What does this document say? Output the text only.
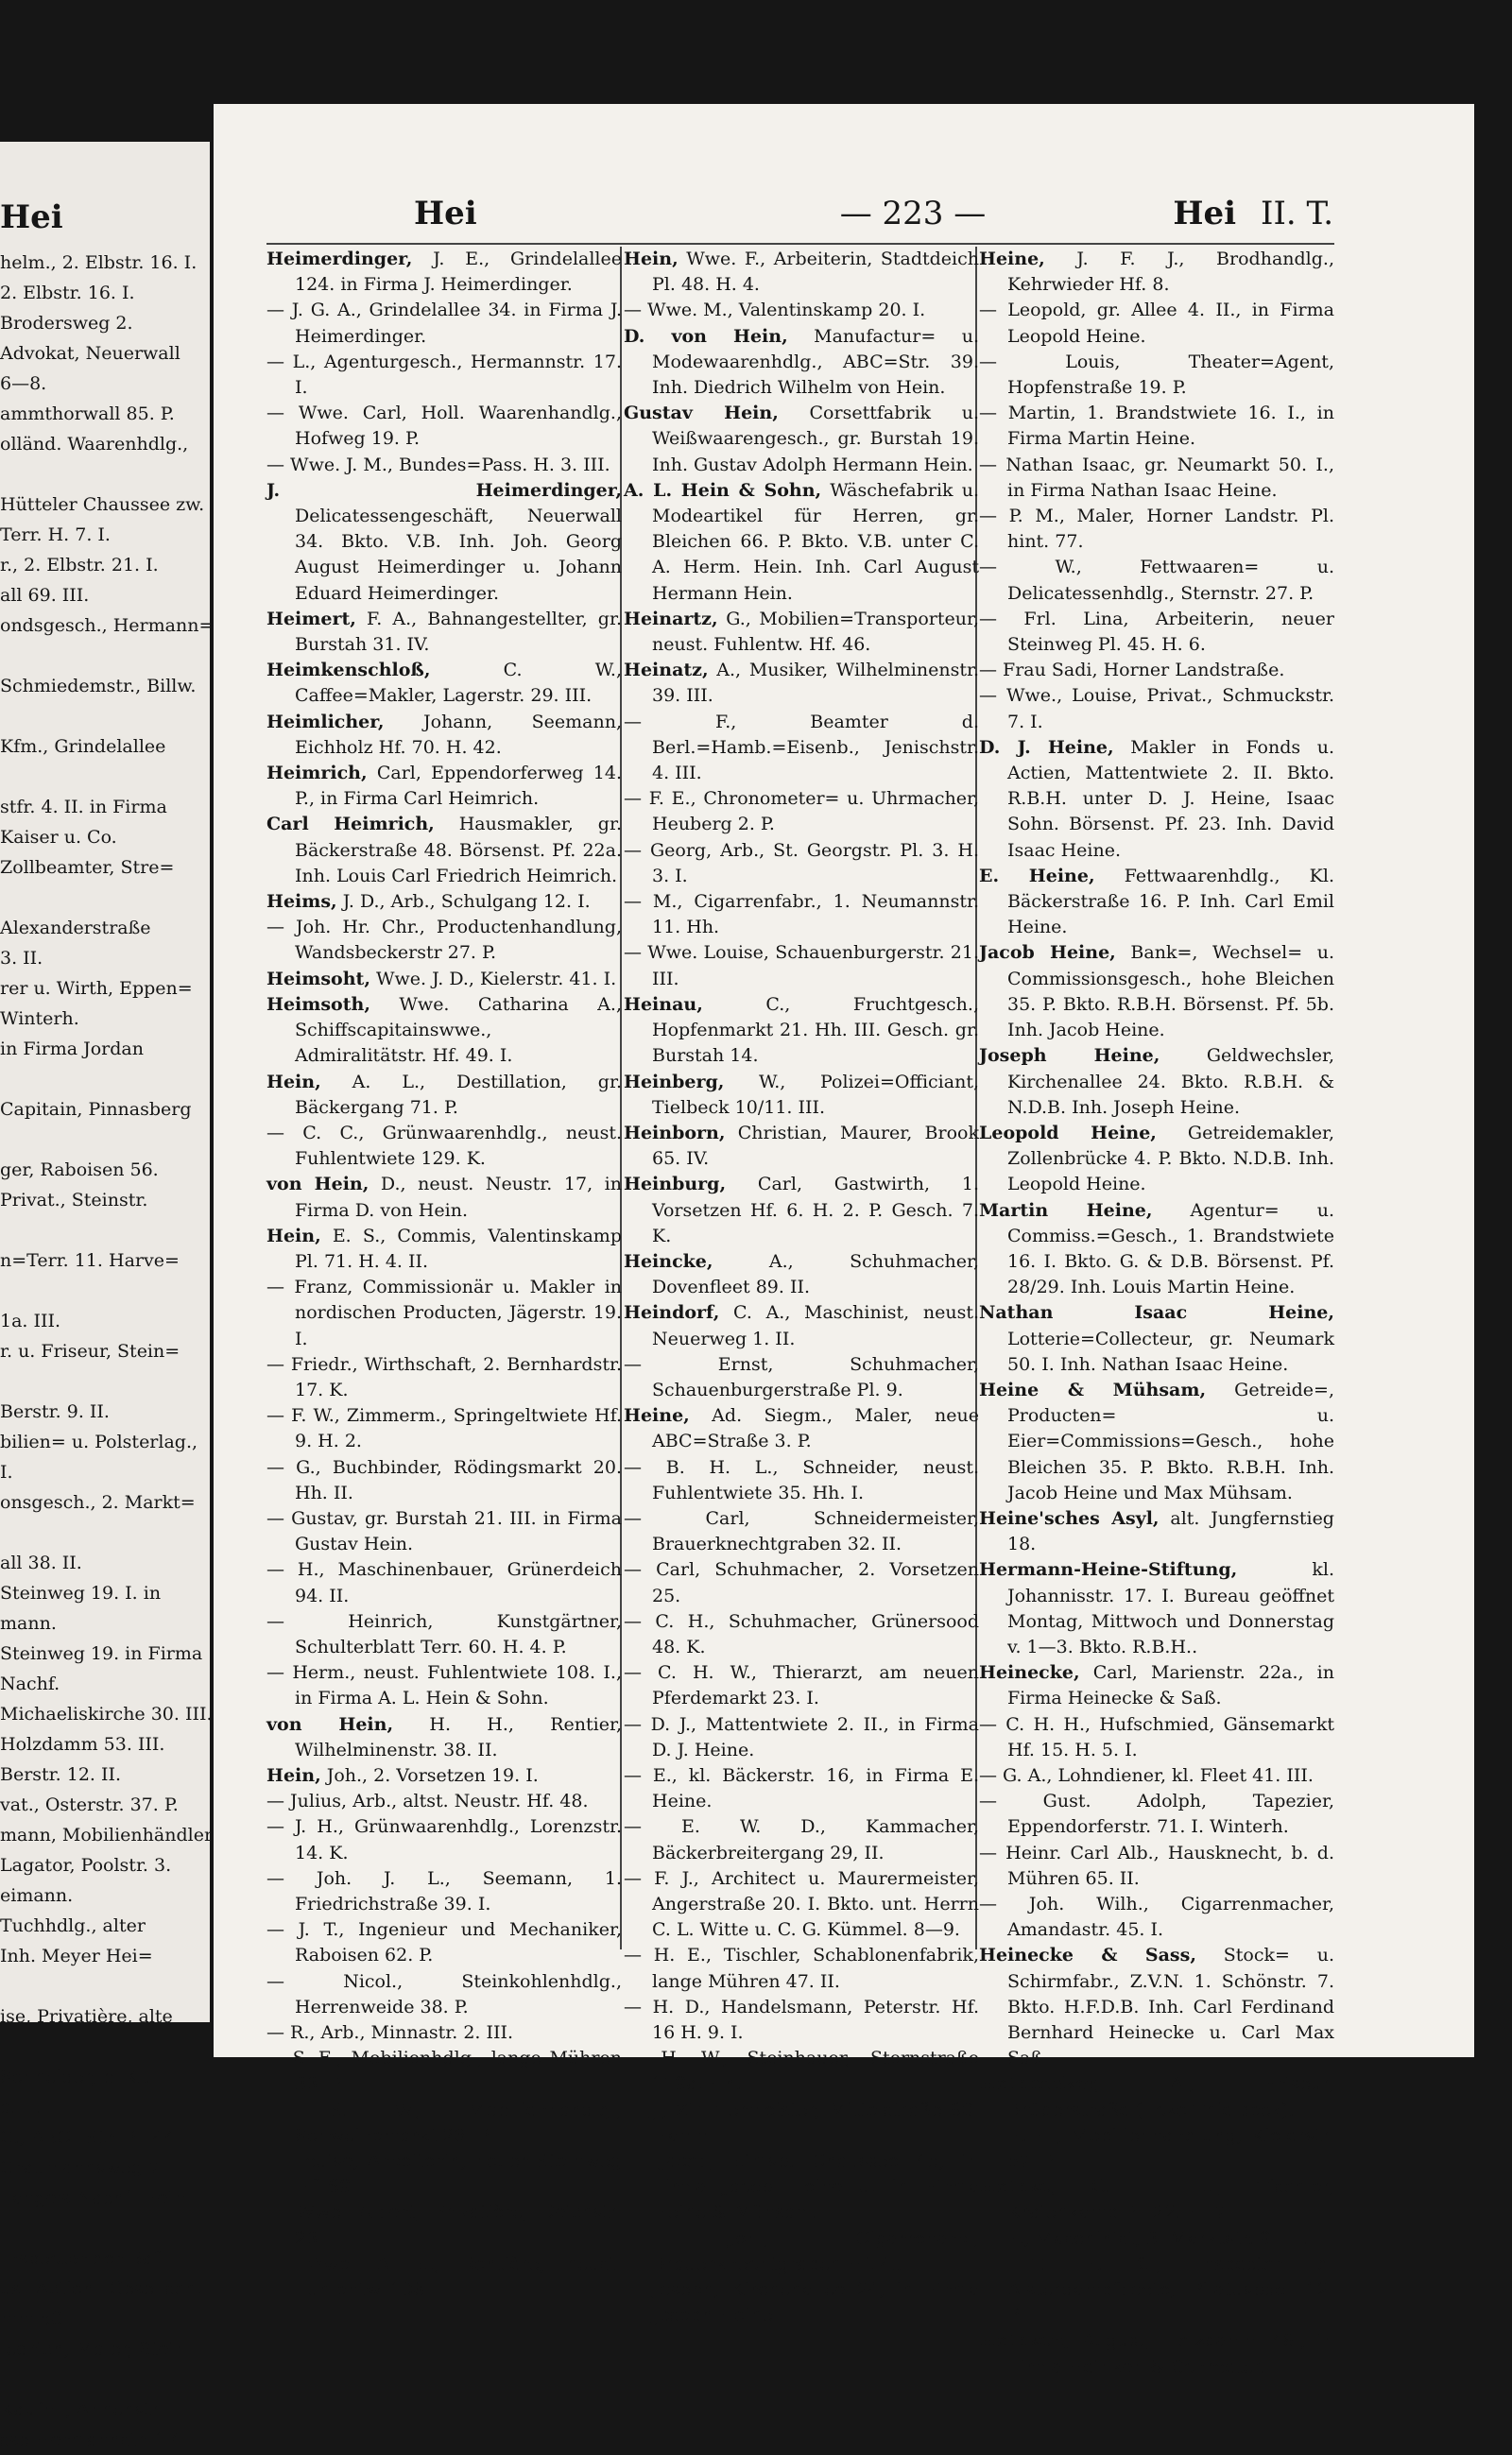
Hei
helm., 2. Elbstr. 16. I.
2. Elbstr. 16. I.
Brodersweg 2.
Advokat, Neuerwall
6—8.
ammthorwall 85. P.
olländ. Waarenhdlg.,
Hütteler Chaussee zw.
Terr. H. 7. I.
r., 2. Elbstr. 21. I.
all 69. III.
ondsgesch., Hermann=
Schmiedemstr., Billw.
Kfm., Grindelallee
stfr. 4. II. in Firma
Kaiser u. Co.
Zollbeamter, Stre=
Alexanderstraße
3. II.
rer u. Wirth, Eppen=
Winterh.
in Firma Jordan
Capitain, Pinnasberg
ger, Raboisen 56.
Privat., Steinstr.
n=Terr. 11. Harve=
1a. III.
r. u. Friseur, Stein=
Berstr. 9. II.
bilien= u. Polsterlag.,
I.
onsgesch., 2. Markt=
all 38. II.
Steinweg 19. I. in
mann.
Steinweg 19. in Firma
Nachf.
Michaeliskirche 30. III.
Holzdamm 53. III.
Berstr. 12. II.
vat., Osterstr. 37. P.
mann, Mobilienhändler
Lagator, Poolstr. 3.
eimann.
Tuchhdlg., alter
Inh. Meyer Hei=
ise, Privatière, alte
Schneider, b. Kl.
a. II.
G., ABC=Str. Pl. 44.
Graumannsweg 7.
Lange's Nachf. Heim=
Inspector der Baf=
us=Actien=Gesellsch.
mm 50. I.
iedrich, Maler, Stein=
Kaufm., Annenstr.
sse Hermannstr. 17. I
Hei	— 223 —	Hei II. T.

Heimerdinger, J. E., Grindelallee 124. in Firma J. Heimerdinger.

— J. G. A., Grindelallee 34. in Firma J. Heimerdinger.

— L., Agenturgesch., Hermannstr. 17. I.

— Wwe. Carl, Holl. Waarenhandlg., Hofweg 19. P.

— Wwe. J. M., Bundes=Pass. H. 3. III.

J. Heimerdinger, Delicatessengeschäft, Neuerwall 34. Bkto. V.B. Inh. Joh. Georg August Heimerdinger u. Johann Eduard Heimerdinger.

Heimert, F. A., Bahnangestellter, gr. Burstah 31. IV.

Heimkenschloß, C. W., Caffee=Makler, Lagerstr. 29. III.

Heimlicher, Johann, Seemann, Eichholz Hf. 70. H. 42.

Heimrich, Carl, Eppendorferweg 14. P., in Firma Carl Heimrich.

Carl Heimrich, Hausmakler, gr. Bäckerstraße 48. Börsenst. Pf. 22a. Inh. Louis Carl Friedrich Heimrich.

Heims, J. D., Arb., Schulgang 12. I.

— Joh. Hr. Chr., Productenhandlung, Wandsbeckerstr 27. P.

Heimsoht, Wwe. J. D., Kielerstr. 41. I.

Heimsoth, Wwe. Catharina A., Schiffscapitainswwe., Admiralitätstr. Hf. 49. I.

Hein, A. L., Destillation, gr. Bäckergang 71. P.

— C. C., Grünwaarenhdlg., neust. Fuhlentwiete 129. K.

von Hein, D., neust. Neustr. 17, in Firma D. von Hein.

Hein, E. S., Commis, Valentinskamp Pl. 71. H. 4. II.

— Franz, Commissionär u. Makler in nordischen Producten, Jägerstr. 19. I.

— Friedr., Wirthschaft, 2. Bernhardstr. 17. K.

— F. W., Zimmerm., Springeltwiete Hf. 9. H. 2.

— G., Buchbinder, Rödingsmarkt 20. Hh. II.

— Gustav, gr. Burstah 21. III. in Firma Gustav Hein.

— H., Maschinenbauer, Grünerdeich 94. II.

— Heinrich, Kunstgärtner, Schulterblatt Terr. 60. H. 4. P.

— Herm., neust. Fuhlentwiete 108. I., in Firma A. L. Hein & Sohn.

von Hein, H. H., Rentier, Wilhelminenstr. 38. II.

Hein, Joh., 2. Vorsetzen 19. I.

— Julius, Arb., altst. Neustr. Hf. 48.

— J. H., Grünwaarenhdlg., Lorenzstr. 14. K.

— Joh. J. L., Seemann, 1. Friedrichstraße 39. I.

— J. T., Ingenieur und Mechaniker, Raboisen 62. P.

— Nicol., Steinkohlenhdlg., Herrenweide 38. P.

— R., Arb., Minnastr. 2. III.

— S. E., Mobilienhdlg., lange Mühren 33. P.

— S. W., Mobilienhandlg., Schweinemarkt 26. P.

— Louise, Arbeiterin, neuer Steinweg Hf. 69.

— Wwe. Albert, Privatière, Deichstr. 23. III.

— Wwe. A. E., Rentière, neust. Fuhlentw. 108. I.

Hein, Wwe. F., Arbeiterin, Stadtdeich Pl. 48. H. 4.

— Wwe. M., Valentinskamp 20. I.

D. von Hein, Manufactur= u. Modewaarenhdlg., ABC=Str. 39. Inh. Diedrich Wilhelm von Hein.

Gustav Hein, Corsettfabrik u. Weißwaarengesch., gr. Burstah 19. Inh. Gustav Adolph Hermann Hein.

A. L. Hein & Sohn, Wäschefabrik u. Modeartikel für Herren, gr. Bleichen 66. P. Bkto. V.B. unter C. A. Herm. Hein. Inh. Carl August Hermann Hein.

Heinartz, G., Mobilien=Transporteur, neust. Fuhlentw. Hf. 46.

Heinatz, A., Musiker, Wilhelminenstr. 39. III.

— F., Beamter d. Berl.=Hamb.=Eisenb., Jenischstr. 4. III.

— F. E., Chronometer= u. Uhrmacher, Heuberg 2. P.

— Georg, Arb., St. Georgstr. Pl. 3. H. 3. I.

— M., Cigarrenfabr., 1. Neumannstr. 11. Hh.

— Wwe. Louise, Schauenburgerstr. 21. III.

Heinau, C., Fruchtgesch., Hopfenmarkt 21. Hh. III. Gesch. gr. Burstah 14.

Heinberg, W., Polizei=Officiant, Tielbeck 10/11. III.

Heinborn, Christian, Maurer, Brook 65. IV.

Heinburg, Carl, Gastwirth, 1. Vorsetzen Hf. 6. H. 2. P. Gesch. 7. K.

Heincke, A., Schuhmacher, Dovenfleet 89. II.

Heindorf, C. A., Maschinist, neust. Neuerweg 1. II.

— Ernst, Schuhmacher, Schauenburgerstraße Pl. 9.

Heine, Ad. Siegm., Maler, neue ABC=Straße 3. P.

— B. H. L., Schneider, neust. Fuhlentwiete 35. Hh. I.

— Carl, Schneidermeister, Brauerknechtgraben 32. II.

— Carl, Schuhmacher, 2. Vorsetzen 25.

— C. H., Schuhmacher, Grünersood 48. K.

— C. H. W., Thierarzt, am neuen Pferdemarkt 23. I.

— D. J., Mattentwiete 2. II., in Firma D. J. Heine.

— E., kl. Bäckerstr. 16, in Firma E. Heine.

— E. W. D., Kammacher, Bäckerbreitergang 29, II.

— F. J., Architect u. Maurermeister, Angerstraße 20. I. Bkto. unt. Herrn C. L. Witte u. C. G. Kümmel. 8—9.

— H. E., Tischler, Schablonenfabrik, lange Mühren 47. II.

— H. D., Handelsmann, Peterstr. Hf. 16 H. 9. I.

— H. W., Steinhauer, Sternstraße 119a. Hh. I.

— J., Zimmermeister, Mittelstraße 90. Hamm.

— Jacob, Eimsb. Chaussee 45, in Firma Jacob Heine u. in Firma Heine & Mühsam.

— Joh., Cigarrenarb., Brauerknechtgraben Hf. 45.

— Joseph, Kirchenallee 24, in Firma Joseph Heine.

Heine, J. F. J., Brodhandlg., Kehrwieder Hf. 8.

— Leopold, gr. Allee 4. II., in Firma Leopold Heine.

— Louis, Theater=Agent, Hopfenstraße 19. P.

— Martin, 1. Brandstwiete 16. I., in Firma Martin Heine.

— Nathan Isaac, gr. Neumarkt 50. I., in Firma Nathan Isaac Heine.

— P. M., Maler, Horner Landstr. Pl. hint. 77.

— W., Fettwaaren= u. Delicatessenhdlg., Sternstr. 27. P.

— Frl. Lina, Arbeiterin, neuer Steinweg Pl. 45. H. 6.

— Frau Sadi, Horner Landstraße.

— Wwe., Louise, Privat., Schmuckstr. 7. I.

D. J. Heine, Makler in Fonds u. Actien, Mattentwiete 2. II. Bkto. R.B.H. unter D. J. Heine, Isaac Sohn. Börsenst. Pf. 23. Inh. David Isaac Heine.

E. Heine, Fettwaarenhdlg., Kl. Bäckerstraße 16. P. Inh. Carl Emil Heine.

Jacob Heine, Bank=, Wechsel= u. Commissionsgesch., hohe Bleichen 35. P. Bkto. R.B.H. Börsenst. Pf. 5b. Inh. Jacob Heine.

Joseph Heine, Geldwechsler, Kirchenallee 24. Bkto. R.B.H. & N.D.B. Inh. Joseph Heine.

Leopold Heine, Getreidemakler, Zollenbrücke 4. P. Bkto. N.D.B. Inh. Leopold Heine.

Martin Heine, Agentur= u. Commiss.=Gesch., 1. Brandstwiete 16. I. Bkto. G. & D.B. Börsenst. Pf. 28/29. Inh. Louis Martin Heine.

Nathan Isaac Heine, Lotterie=Collecteur, gr. Neumark 50. I. Inh. Nathan Isaac Heine.

Heine & Mühsam, Getreide=, Producten= u. Eier=Commissions=Gesch., hohe Bleichen 35. P. Bkto. R.B.H. Inh. Jacob Heine und Max Mühsam.

Heine'sches Asyl, alt. Jungfernstieg 18.

Hermann-Heine-Stiftung, kl. Johannisstr. 17. I. Bureau geöffnet Montag, Mittwoch und Donnerstag v. 1—3. Bkto. R.B.H..

Heinecke, Carl, Marienstr. 22a., in Firma Heinecke & Saß.

— C. H. H., Hufschmied, Gänsemarkt Hf. 15. H. 5. I.

— G. A., Lohndiener, kl. Fleet 41. III.

— Gust. Adolph, Tapezier, Eppendorferstr. 71. I. Winterh.

— Heinr. Carl Alb., Hausknecht, b. d. Mühren 65. II.

— Joh. Wilh., Cigarrenmacher, Amandastr. 45. I.

Heinecke & Sass, Stock= u. Schirmfabr., Z.V.N. 1. Schönstr. 7. Bkto. H.F.D.B. Inh. Carl Ferdinand Bernhard Heinecke u. Carl Max Saß.

Heinnecker, A., Friseur, Brüderstraße (Ecke Thielbeck).

— H. H., Mobilienhandlung, Kielerstr. 57. P.

Heinke, G. H. L., Tischler, Kraienkamp Pl. 22. H. 7. III.

— H., Maschinist, 3. Marktstr. 9. III.

— T. H. C., Inspector d. Alsterdampfboote, Pilatuspool 12. P.

Heinken, August, Holzdamm 48., in Firma Heinken & Schroeter.
